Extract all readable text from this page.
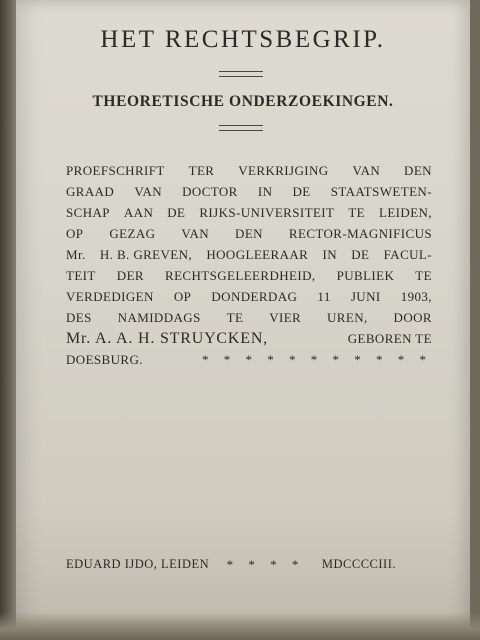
HET RECHTSBEGRIP.
THEORETISCHE ONDERZOEKINGEN.
PROEFSCHRIFT TER VERKRIJGING VAN DEN
GRAAD VAN DOCTOR IN DE STAATSWETEN-
SCHAP AAN DE RIJKS-UNIVERSITEIT TE LEIDEN,
OP GEZAG VAN DEN RECTOR-MAGNIFICUS
Mr. H. B. GREVEN, HOOGLEERAAR IN DE FACUL-
TEIT DER RECHTSGELEERDHEID, PUBLIEK TE
VERDEDIGEN OP DONDERDAG 11 JUNI 1903,
DES NAMIDDAGS TE VIER UREN, DOOR
Mr. A. A. H. STRUYCKEN,	GEBOREN TE
DOESBURG.	* * * * * * * * * * *
EDUARD IJDO, LEIDEN * * * * MDCCCCIII.
